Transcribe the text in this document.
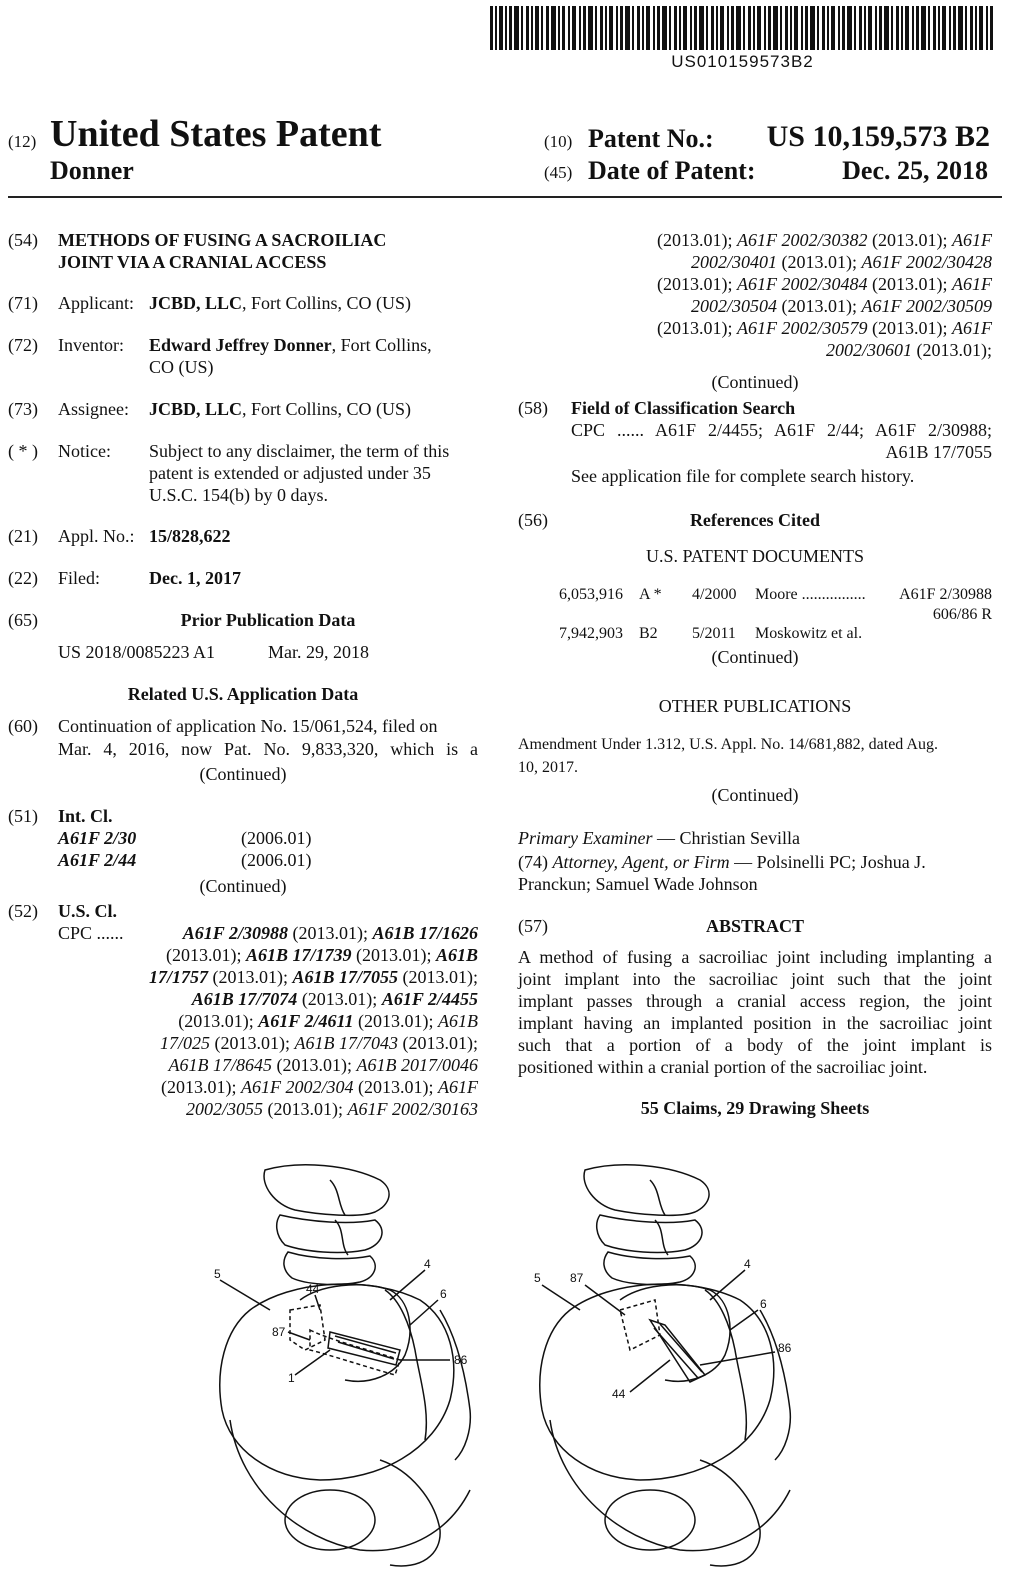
US010159573B2
(12) United States Patent
Donner
(10) Patent No.:	US 10,159,573 B2
(45) Date of Patent:	Dec. 25, 2018
(54) METHODS OF FUSING A SACROILIAC
JOINT VIA A CRANIAL ACCESS
(71) Applicant: JCBD, LLC, Fort Collins, CO (US)
(72) Inventor: Edward Jeffrey Donner, Fort Collins,
CO (US)
(73) Assignee: JCBD, LLC, Fort Collins, CO (US)
( * ) Notice: Subject to any disclaimer, the term of this
patent is extended or adjusted under 35
U.S.C. 154(b) by 0 days.
(21) Appl. No.: 15/828,622
(22) Filed:	Dec. 1, 2017
(65)	Prior Publication Data
US 2018/0085223 A1	Mar. 29, 2018
Related U.S. Application Data
(60) Continuation of application No. 15/061,524, filed on
Mar. 4, 2016, now Pat. No. 9,833,320, which is a
(Continued)
(51) Int. Cl.
A61F 2/30	(2006.01)
A61F 2/44	(2006.01)
(Continued)
(52) U.S. Cl.
CPC ......	A61F 2/30988 (2013.01); A61B 17/1626
(2013.01); A61B 17/1739 (2013.01); A61B
17/1757 (2013.01); A61B 17/7055 (2013.01);
A61B 17/7074 (2013.01); A61F 2/4455
(2013.01); A61F 2/4611 (2013.01); A61B
17/025 (2013.01); A61B 17/7043 (2013.01);
A61B 17/8645 (2013.01); A61B 2017/0046
(2013.01); A61F 2002/304 (2013.01); A61F
2002/3055 (2013.01); A61F 2002/30163
(2013.01); A61F 2002/30382 (2013.01); A61F
2002/30401 (2013.01); A61F 2002/30428
(2013.01); A61F 2002/30484 (2013.01); A61F
2002/30504 (2013.01); A61F 2002/30509
(2013.01); A61F 2002/30579 (2013.01); A61F
2002/30601 (2013.01);
(Continued)
(58) Field of Classification Search
CPC ...... A61F 2/4455; A61F 2/44; A61F 2/30988;
A61B 17/7055
See application file for complete search history.
(56)	References Cited
U.S. PATENT DOCUMENTS
6,053,916 A * 4/2000 Moore ................	A61F 2/30988
606/86 R
7,942,903 B2 5/2011 Moskowitz et al.
(Continued)
OTHER PUBLICATIONS
Amendment Under 1.312, U.S. Appl. No. 14/681,882, dated Aug.
10, 2017.
(Continued)
Primary Examiner — Christian Sevilla
(74) Attorney, Agent, or Firm — Polsinelli PC; Joshua J.
Pranckun; Samuel Wade Johnson
(57)	ABSTRACT
A method of fusing a sacroiliac joint including implanting a
joint implant into the sacroiliac joint such that the joint
implant passes through a cranial access region, the joint
implant having an implanted position in the sacroiliac joint
such that a portion of a body of the joint implant is
positioned within a cranial portion of the sacroiliac joint.
55 Claims, 29 Drawing Sheets
5
44
4
6
87
86
1
5 87
4
6
86
44
